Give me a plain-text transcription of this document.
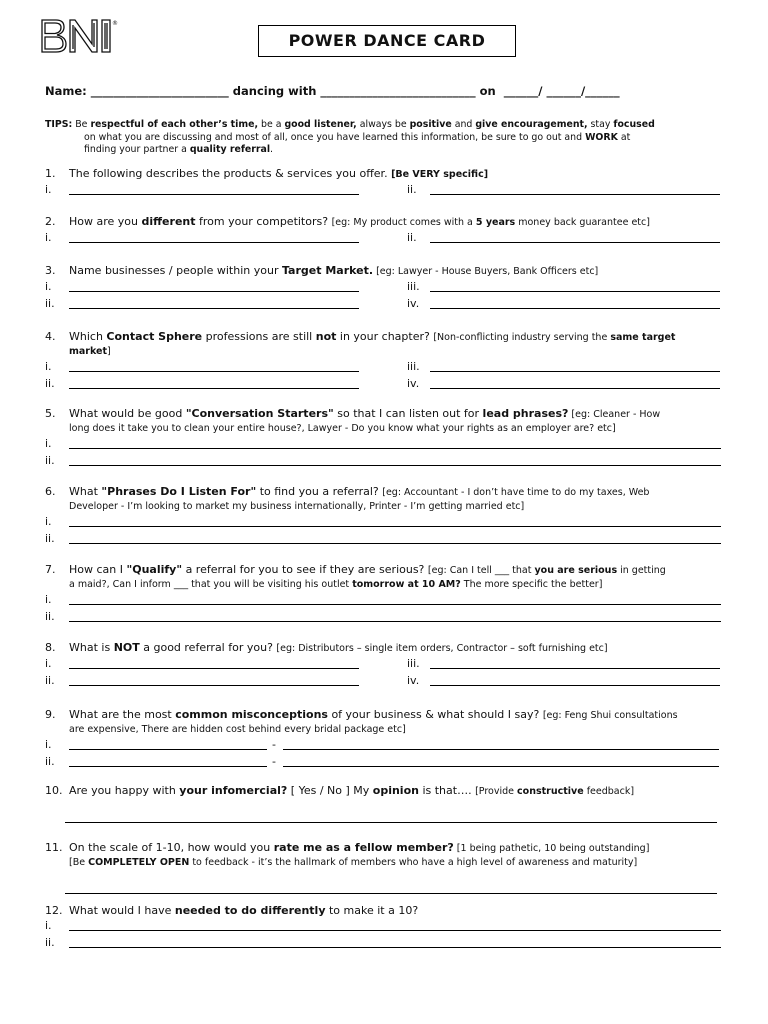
®
POWER DANCE CARD
Name: ________________________ dancing with ___________________________ on  ______/ ______/______
TIPS: Be respectful of each other’s time, be a good listener, always be positive and give encouragement, stay focused
on what you are discussing and most of all, once you have learned this information, be sure to go out and WORK at
finding your partner a quality referral.
1. The following describes the products & services you offer. [Be VERY specific]
i.	ii.
2. How are you different from your competitors? [eg: My product comes with a 5 years money back guarantee etc]
i.	ii.
3. Name businesses / people within your Target Market. [eg: Lawyer - House Buyers, Bank Officers etc]
i.	iii.
ii.	iv.
4. Which Contact Sphere professions are still not in your chapter? [Non-conflicting industry serving the same target
market]
i.	iii.
ii.	iv.
5. What would be good "Conversation Starters" so that I can listen out for lead phrases? [eg: Cleaner - How
long does it take you to clean your entire house?, Lawyer - Do you know what your rights as an employer are? etc]
i.
ii.
6. What "Phrases Do I Listen For" to find you a referral? [eg: Accountant - I don’t have time to do my taxes, Web
Developer - I’m looking to market my business internationally, Printer - I’m getting married etc]
i.
ii.
7. How can I "Qualify" a referral for you to see if they are serious? [eg: Can I tell ___ that you are serious in getting
a maid?, Can I inform ___ that you will be visiting his outlet tomorrow at 10 AM? The more specific the better]
i.
ii.
8. What is NOT a good referral for you? [eg: Distributors – single item orders, Contractor – soft furnishing etc]
i.	iii.
ii.	iv.
9. What are the most common misconceptions of your business & what should I say? [eg: Feng Shui consultations
are expensive, There are hidden cost behind every bridal package etc]
i.	-
ii.	-
10. Are you happy with your infomercial? [ Yes / No ] My opinion is that…. [Provide constructive feedback]
11. On the scale of 1-10, how would you rate me as a fellow member? [1 being pathetic, 10 being outstanding]
[Be COMPLETELY OPEN to feedback - it’s the hallmark of members who have a high level of awareness and maturity]
12. What would I have needed to do differently to make it a 10?
i.
ii.
